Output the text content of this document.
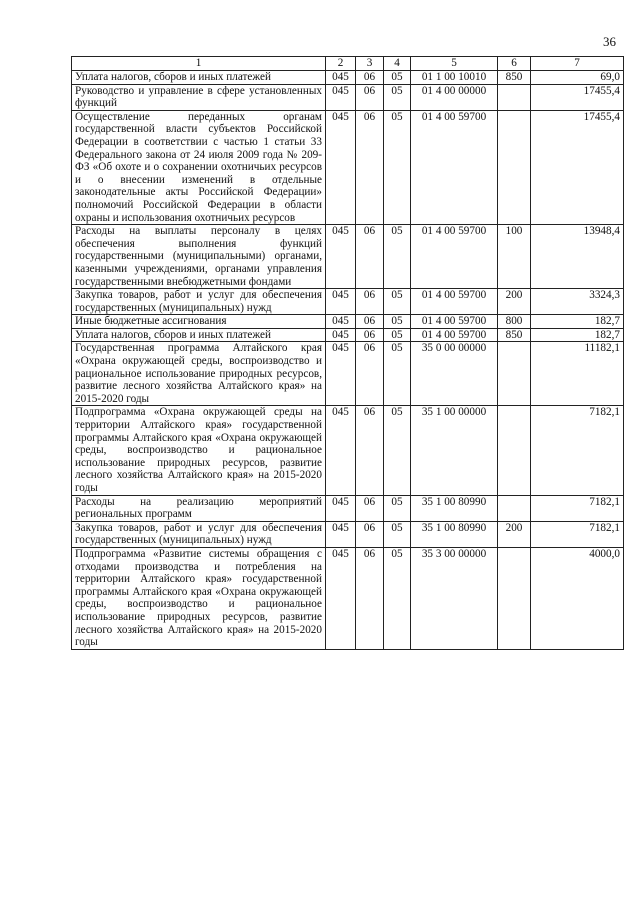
36
1	2	3	4	5	6	7
Уплата налогов, сборов и иных платежей	045	06	05	01 1 00 10010	850	69,0
Руководство и управление в сфере установленных функций	045	06	05	01 4 00 00000		17455,4
Осуществление переданных органам государственной власти субъектов Российской Федерации в соответствии с частью 1 статьи 33 Федерального закона от 24 июля 2009 года № 209-ФЗ «Об охоте и о сохранении охотничьих ресурсов и о внесении изменений в отдельные законодательные акты Российской Федерации» полномочий Российской Федерации в области охраны и использования охотничьих ресурсов	045	06	05	01 4 00 59700		17455,4
Расходы на выплаты персоналу в целях обеспечения выполнения функций государственными (муниципальными) органами, казенными учреждениями, органами управления государственными внебюджетными фондами	045	06	05	01 4 00 59700	100	13948,4
Закупка товаров, работ и услуг для обеспечения государственных (муниципальных) нужд	045	06	05	01 4 00 59700	200	3324,3
Иные бюджетные ассигнования	045	06	05	01 4 00 59700	800	182,7
Уплата налогов, сборов и иных платежей	045	06	05	01 4 00 59700	850	182,7
Государственная программа Алтайского края «Охрана окружающей среды, воспроизводство и рациональное использование природных ресурсов, развитие лесного хозяйства Алтайского края» на 2015-2020 годы	045	06	05	35 0 00 00000		11182,1
Подпрограмма «Охрана окружающей среды на территории Алтайского края» государственной программы Алтайского края «Охрана окружающей среды, воспроизводство и рациональное использование природных ресурсов, развитие лесного хозяйства Алтайского края» на 2015-2020 годы	045	06	05	35 1 00 00000		7182,1
Расходы на реализацию мероприятий региональных программ	045	06	05	35 1 00 80990		7182,1
Закупка товаров, работ и услуг для обеспечения государственных (муниципальных) нужд	045	06	05	35 1 00 80990	200	7182,1
Подпрограмма «Развитие системы обращения с отходами производства и потребления на территории Алтайского края» государственной программы Алтайского края «Охрана окружающей среды, воспроизводство и рациональное использование природных ресурсов, развитие лесного хозяйства Алтайского края» на 2015-2020 годы	045	06	05	35 3 00 00000		4000,0
